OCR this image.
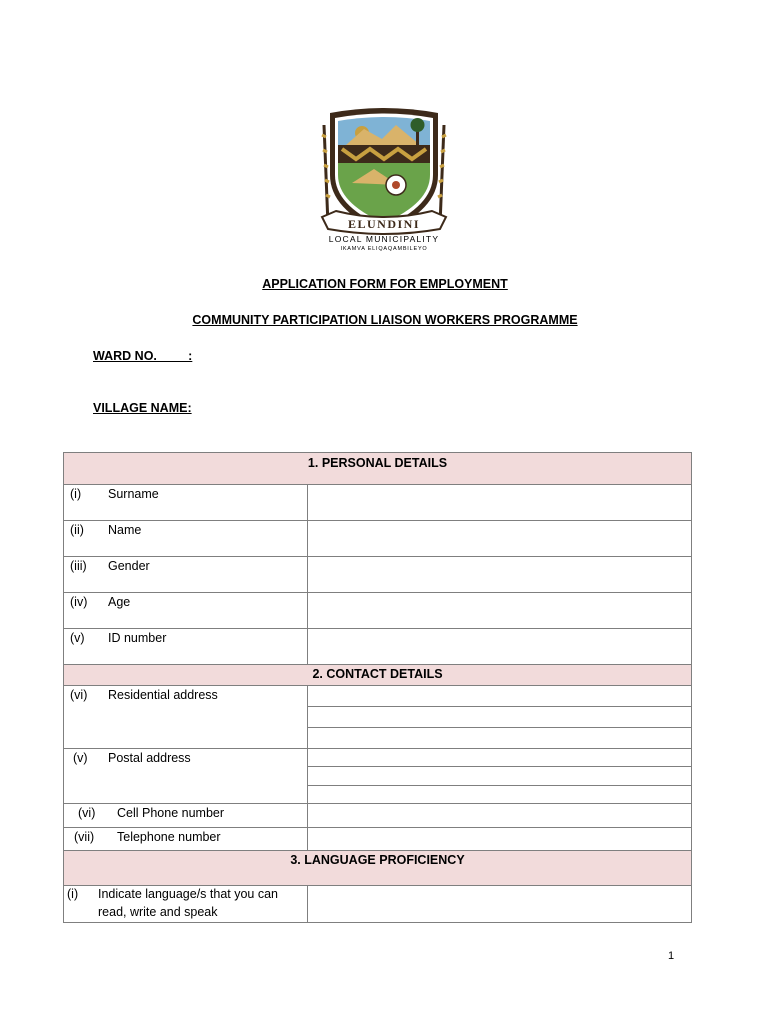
ELUNDINI
LOCAL MUNICIPALITY
IKAMVA ELIQAQAMBILEYO
APPLICATION FORM FOR EMPLOYMENT
COMMUNITY PARTICIPATION LIAISON WORKERS PROGRAMME
WARD NO.         :
VILLAGE NAME:
1. PERSONAL DETAILS	

(i) Surname	

(ii) Name	

(iii) Gender	

(iv) Age	

(v) ID number	

2. CONTACT DETAILS	

(vi) Residential address	

(v) Postal address	

(vi) Cell Phone number	

(vii) Telephone number	

3. LANGUAGE PROFICIENCY	

(i) Indicate language/s that you can
read, write and speak	

1
